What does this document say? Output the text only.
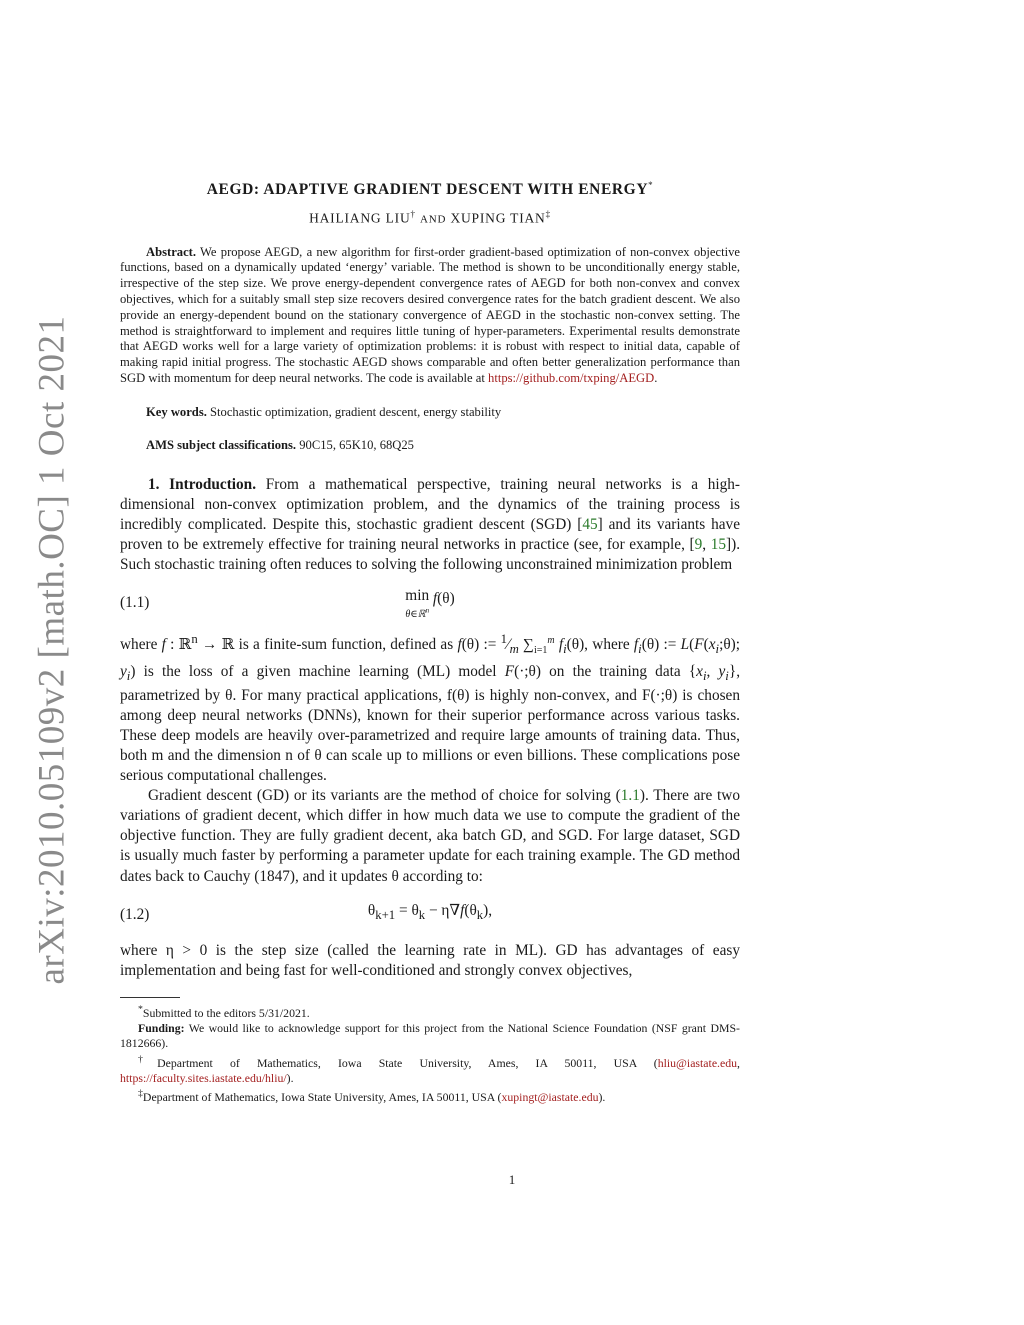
arXiv:2010.05109v2 [math.OC] 1 Oct 2021
AEGD: ADAPTIVE GRADIENT DESCENT WITH ENERGY*
HAILIANG LIU† AND XUPING TIAN‡
Abstract. We propose AEGD, a new algorithm for first-order gradient-based optimization of non-convex objective functions, based on a dynamically updated ‘energy’ variable. The method is shown to be unconditionally energy stable, irrespective of the step size. We prove energy-dependent convergence rates of AEGD for both non-convex and convex objectives, which for a suitably small step size recovers desired convergence rates for the batch gradient descent. We also provide an energy-dependent bound on the stationary convergence of AEGD in the stochastic non-convex setting. The method is straightforward to implement and requires little tuning of hyper-parameters. Experimental results demonstrate that AEGD works well for a large variety of optimization problems: it is robust with respect to initial data, capable of making rapid initial progress. The stochastic AEGD shows comparable and often better generalization performance than SGD with momentum for deep neural networks. The code is available at https://github.com/txping/AEGD.
Key words. Stochastic optimization, gradient descent, energy stability
AMS subject classifications. 90C15, 65K10, 68Q25

1. Introduction. From a mathematical perspective, training neural networks is a high-dimensional non-convex optimization problem, and the dynamics of the training process is incredibly complicated. Despite this, stochastic gradient descent (SGD) [45] and its variants have proven to be extremely effective for training neural networks in practice (see, for example, [9, 15]). Such stochastic training often reduces to solving the following unconstrained minimization problem

(1.1)	min
θ∈ℝ$^n$ f(θ)

where f : ℝ$^n$ → ℝ is a finite-sum function, defined as f(θ) := $^1⁄_m$ $\sum_{i=1}^m$ $f_i(\theta)$, where $f_i(\theta)$ := $L(F(x_i;\theta)$; $y_i$) is the loss of a given machine learning (ML) model F(·;θ) on the training data {$x_i$, $y_i$}, parametrized by θ. For many practical applications, f(θ) is highly non-convex, and F(·;θ) is chosen among deep neural networks (DNNs), known for their superior performance across various tasks. These deep models are heavily over-parametrized and require large amounts of training data. Thus, both m and the dimension n of θ can scale up to millions or even billions. These complications pose serious computational challenges.

Gradient descent (GD) or its variants are the method of choice for solving (1.1). There are two variations of gradient decent, which differ in how much data we use to compute the gradient of the objective function. They are fully gradient decent, aka batch GD, and SGD. For large dataset, SGD is usually much faster by performing a parameter update for each training example. The GD method dates back to Cauchy (1847), and it updates θ according to:

(1.2)	$\theta_{k+1} = \theta_k - \eta\nabla f(\theta_k)$,

where η > 0 is the step size (called the learning rate in ML). GD has advantages of easy implementation and being fast for well-conditioned and strongly convex objectives,

*Submitted to the editors 5/31/2021.

Funding: We would like to acknowledge support for this project from the National Science Foundation (NSF grant DMS-1812666).

†Department of Mathematics, Iowa State University, Ames, IA 50011, USA (hliu@iastate.edu, https://faculty.sites.iastate.edu/hliu/).

‡Department of Mathematics, Iowa State University, Ames, IA 50011, USA (xupingt@iastate.edu).

1
